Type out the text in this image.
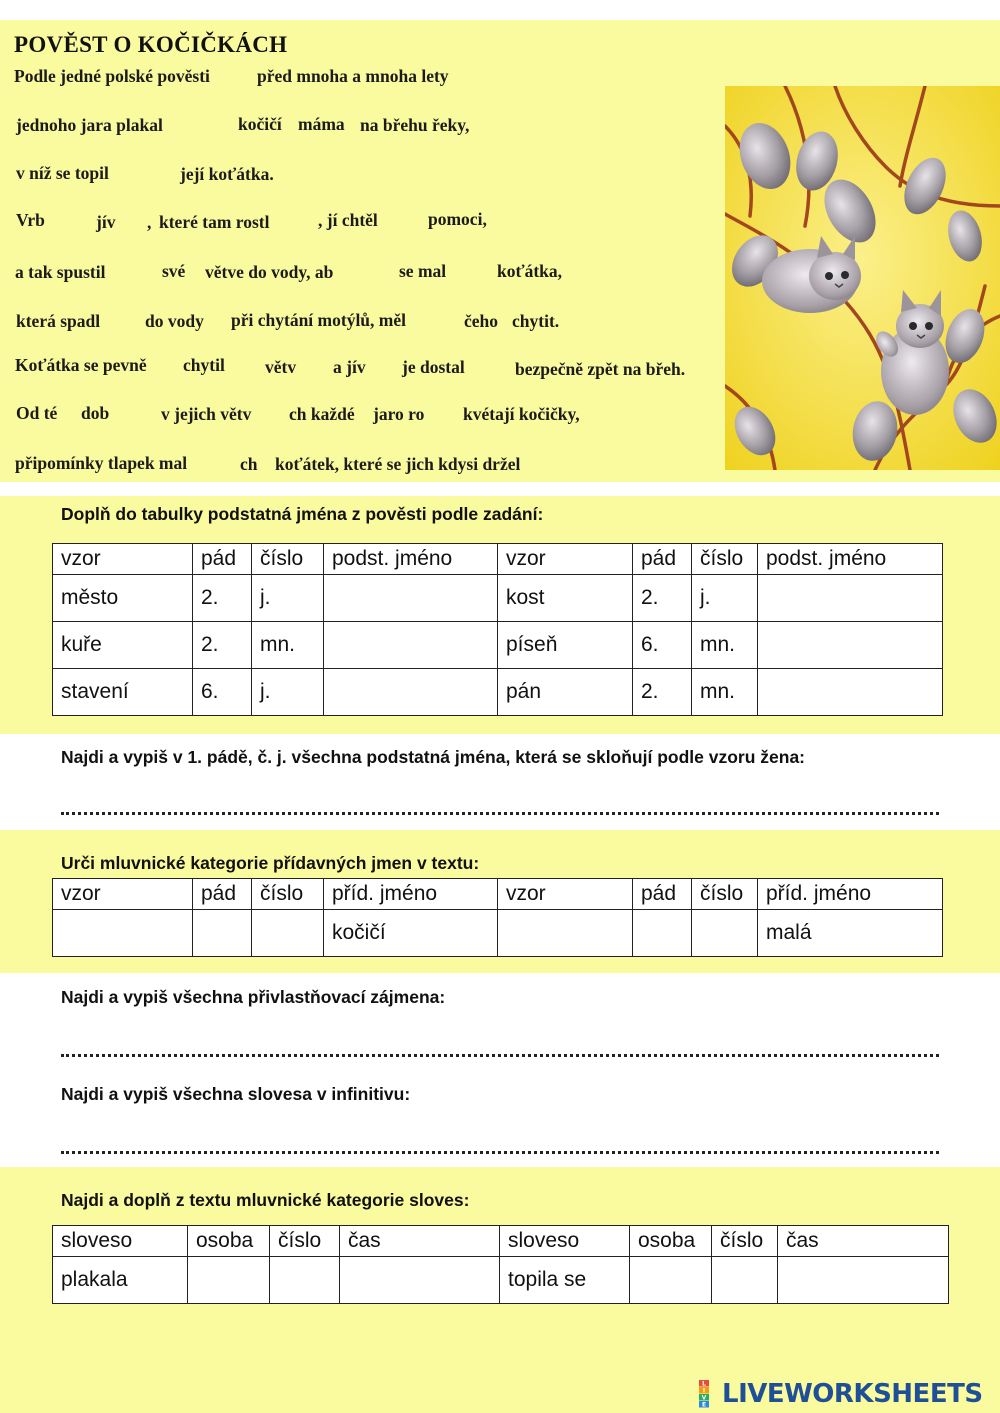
POVĚST O KOČIČKÁCH
Podle jedné polské pověsti	před mnoha a mnoha lety
jednoho jara plakal	kočičí máma na břehu řeky,
v níž se topil	její koťátka.
Vrb	jív , které tam rostl	, jí chtěl	pomoci,
a tak spustil	své větve do vody, ab	se mal	koťátka,
která spadl	do vody při chytání motýlů, měl	čeho chytit.
Koťátka se pevně chytil větv a jív je dostal	bezpečně zpět na břeh.
Od té dob	v jejich větv ch každé jaro ro kvétají kočičky,
připomínky tlapek mal	ch koťátek, které se jich kdysi držel
Doplň do tabulky podstatná jména z pověsti podle zadání:
vzor	pád	číslo	podst. jméno	vzor	pád	číslo	podst. jméno
město	2.	j.		kost	2.	j.	
kuře	2.	mn.		píseň	6.	mn.	
stavení	6.	j.		pán	2.	mn.	
Najdi a vypiš v 1. pádě, č. j. všechna podstatná jména, která se skloňují podle vzoru žena:
Urči mluvnické kategorie přídavných jmen v textu:
vzor	pád	číslo	příd. jméno	vzor	pád	číslo	příd. jméno
			kočičí				malá
Najdi a vypiš všechna přivlastňovací zájmena:
Najdi a vypiš všechna slovesa v infinitivu:
Najdi a doplň z textu mluvnické kategorie sloves:
sloveso	osoba	číslo	čas	sloveso	osoba	číslo	čas
plakala				topila se			
L
I
V
E LIVEWORKSHEETS
